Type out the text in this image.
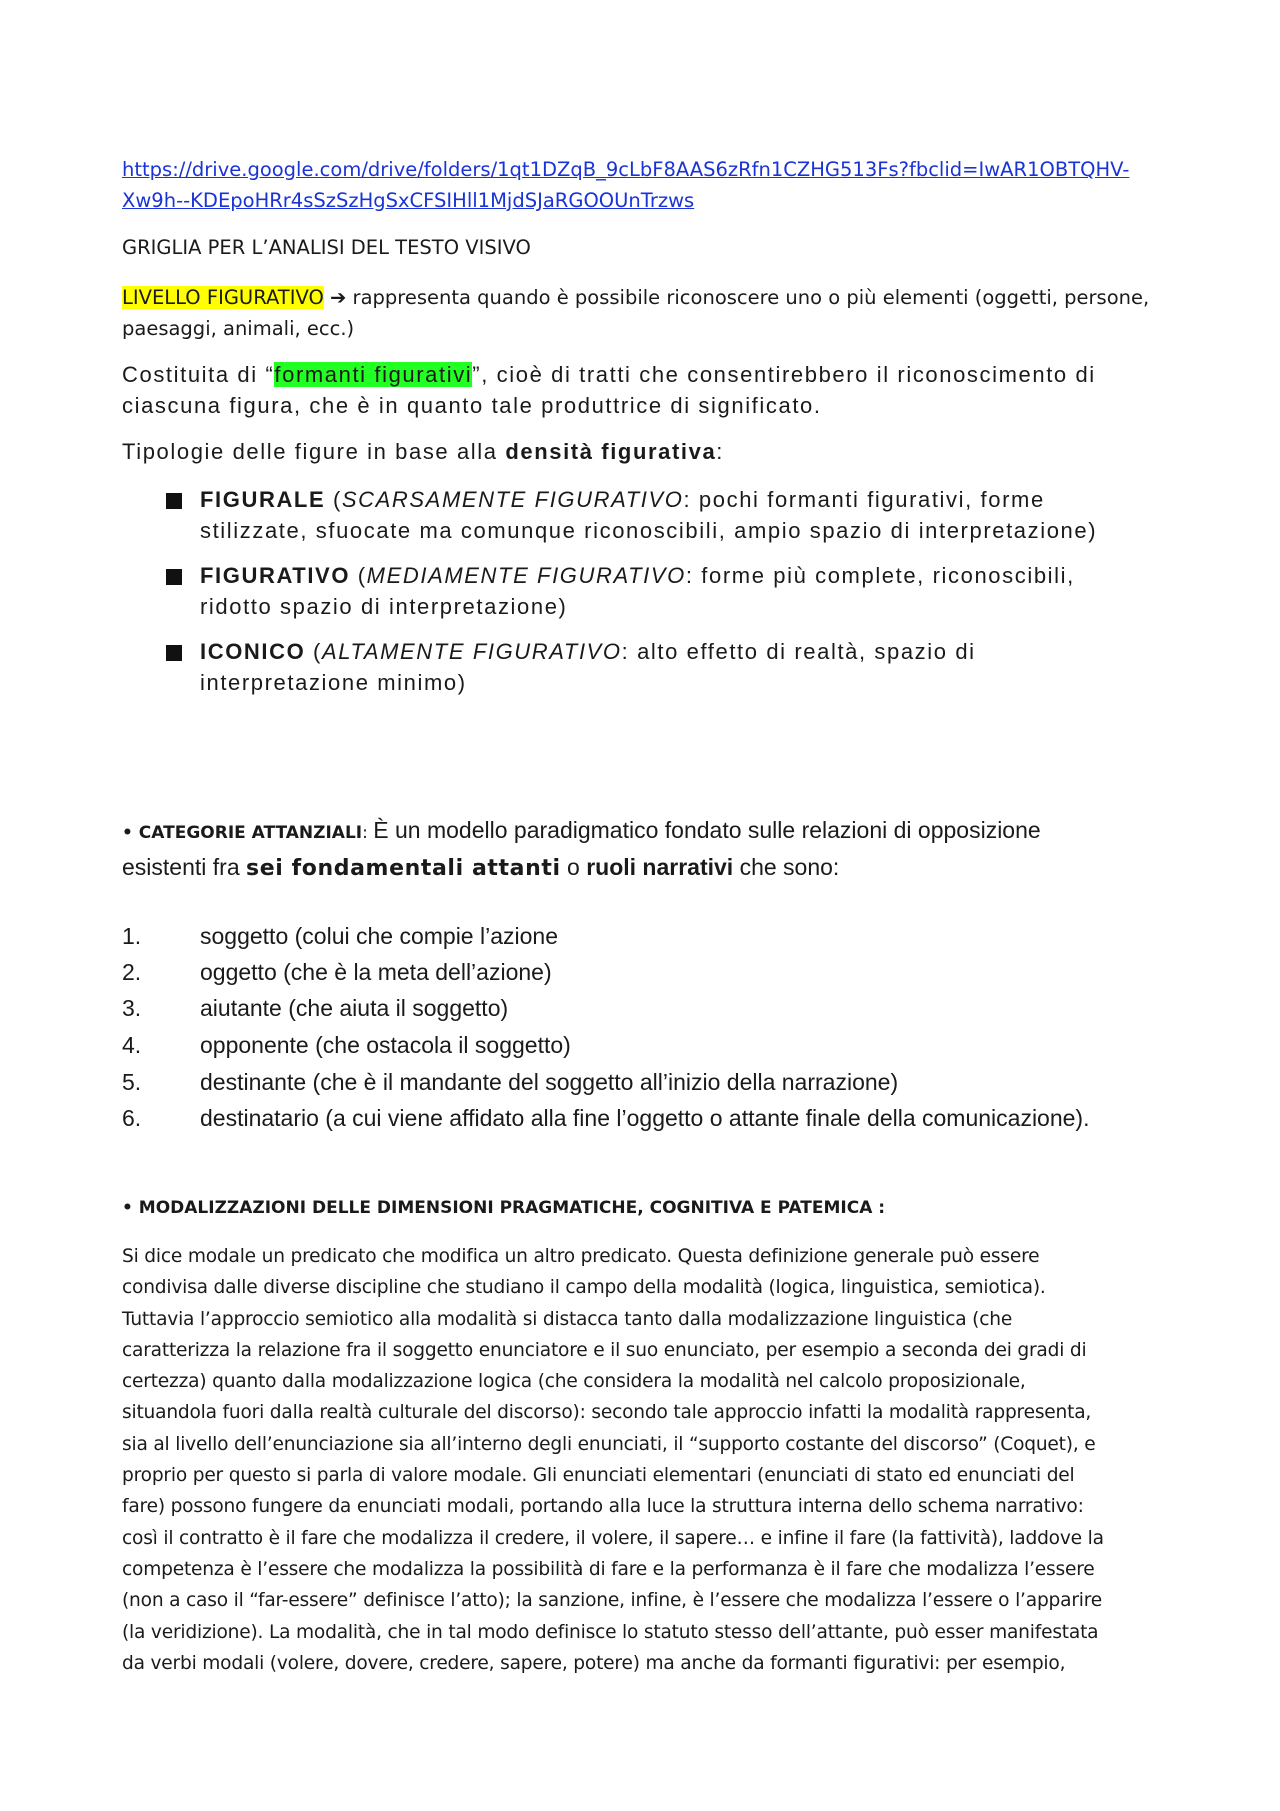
https://drive.google.com/drive/folders/1qt1DZqB_9cLbF8AAS6zRfn1CZHG513Fs?fbclid=IwAR1OBTQHV-
Xw9h--KDEpoHRr4sSzSzHgSxCFSIHll1MjdSJaRGOOUnTrzws
GRIGLIA PER L’ANALISI DEL TESTO VISIVO
LIVELLO FIGURATIVO ➔ rappresenta quando è possibile riconoscere uno o più elementi (oggetti, persone,
paesaggi, animali, ecc.)
Costituita di “formanti figurativi”, cioè di tratti che consentirebbero il riconoscimento di
ciascuna figura, che è in quanto tale produttrice di significato.
Tipologie delle figure in base alla densità figurativa:
FIGURALE (SCARSAMENTE FIGURATIVO: pochi formanti figurativi, forme
stilizzate, sfuocate ma comunque riconoscibili, ampio spazio di interpretazione)
FIGURATIVO (MEDIAMENTE FIGURATIVO: forme più complete, riconoscibili,
ridotto spazio di interpretazione)
ICONICO (ALTAMENTE FIGURATIVO: alto effetto di realtà, spazio di
interpretazione minimo)
• CATEGORIE ATTANZIALI: È un modello paradigmatico fondato sulle relazioni di opposizione
esistenti fra sei fondamentali attanti o ruoli narrativi che sono:
1.	soggetto (colui che compie l’azione
2.	oggetto (che è la meta dell’azione)
3.	aiutante (che aiuta il soggetto)
4.	opponente (che ostacola il soggetto)
5.	destinante (che è il mandante del soggetto all’inizio della narrazione)
6.	destinatario (a cui viene affidato alla fine l’oggetto o attante finale della comunicazione).
• MODALIZZAZIONI DELLE DIMENSIONI PRAGMATICHE, COGNITIVA E PATEMICA :
Si dice modale un predicato che modifica un altro predicato. Questa definizione generale può essere
condivisa dalle diverse discipline che studiano il campo della modalità (logica, linguistica, semiotica).
Tuttavia l’approccio semiotico alla modalità si distacca tanto dalla modalizzazione linguistica (che
caratterizza la relazione fra il soggetto enunciatore e il suo enunciato, per esempio a seconda dei gradi di
certezza) quanto dalla modalizzazione logica (che considera la modalità nel calcolo proposizionale,
situandola fuori dalla realtà culturale del discorso): secondo tale approccio infatti la modalità rappresenta,
sia al livello dell’enunciazione sia all’interno degli enunciati, il “supporto costante del discorso” (Coquet), e
proprio per questo si parla di valore modale. Gli enunciati elementari (enunciati di stato ed enunciati del
fare) possono fungere da enunciati modali, portando alla luce la struttura interna dello schema narrativo:
così il contratto è il fare che modalizza il credere, il volere, il sapere… e infine il fare (la fattività), laddove la
competenza è l’essere che modalizza la possibilità di fare e la performanza è il fare che modalizza l’essere
(non a caso il “far-essere” definisce l’atto); la sanzione, infine, è l’essere che modalizza l’essere o l’apparire
(la veridizione). La modalità, che in tal modo definisce lo statuto stesso dell’attante, può esser manifestata
da verbi modali (volere, dovere, credere, sapere, potere) ma anche da formanti figurativi: per esempio,
